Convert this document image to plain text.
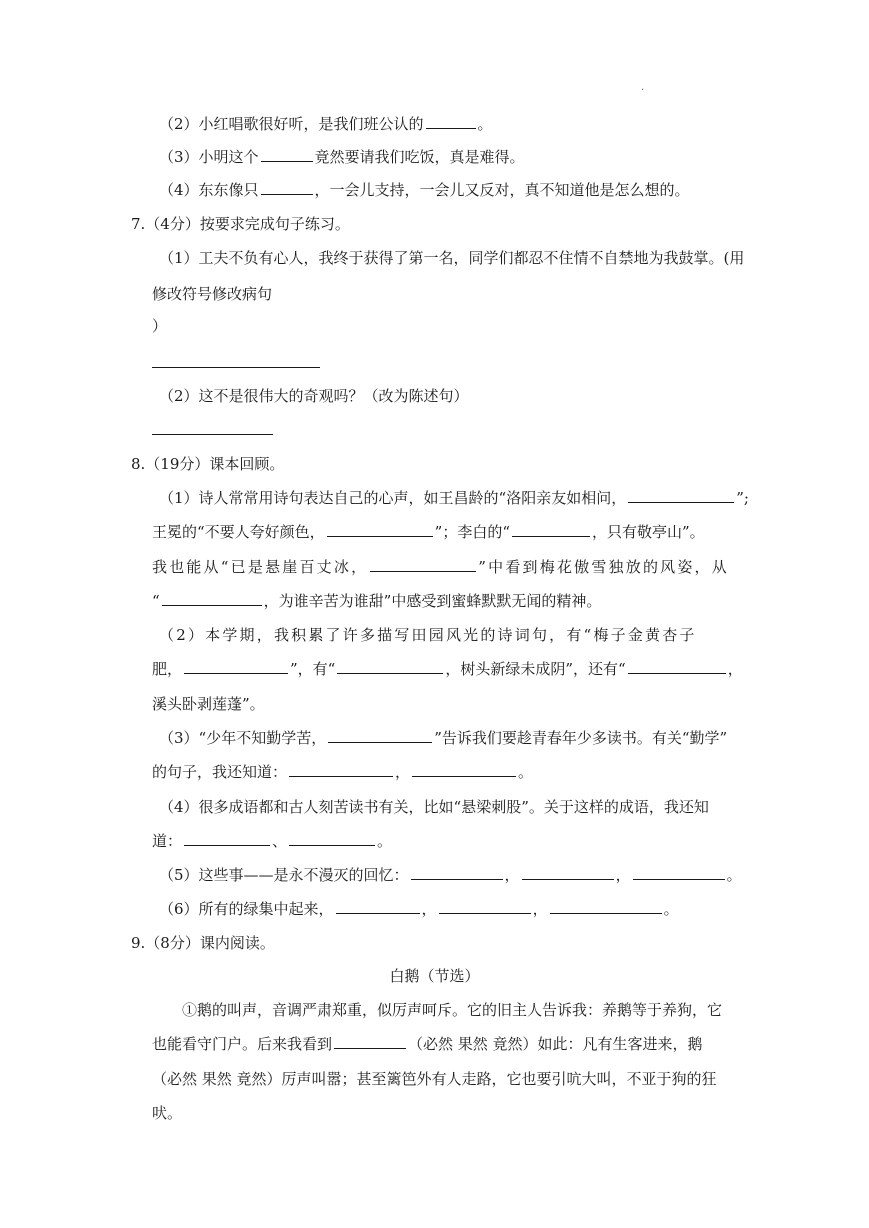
.
（2）小红唱歌很好听，是我们班公认的	。
（3）小明这个	竟然要请我们吃饭，真是难得。
（4）东东像只	，一会儿支持，一会儿又反对，真不知道他是怎么想的。
7.（4分）按要求完成句子练习。
（1）工夫不负有心人，我终于获得了第一名，同学们都忍不住情不自禁地为我鼓掌。(用
修改符号修改病句
）
（2）这不是很伟大的奇观吗？（改为陈述句）
8.（19分）课本回顾。
（1）诗人常常用诗句表达自己的心声，如王昌龄的“洛阳亲友如相问，	”;
王冕的“不要人夸好颜色，	”；李白的“	，只有敬亭山”。
我也能从“已是悬崖百丈冰，	”中看到梅花傲雪独放的风姿，从
“	，为谁辛苦为谁甜”中感受到蜜蜂默默无闻的精神。
（2）本学期，我积累了许多描写田园风光的诗词句，有“梅子金黄杏子
肥，	”，有“	，树头新绿未成阴”，还有“	，
溪头卧剥莲蓬”。
（3）“少年不知勤学苦，	”告诉我们要趁青春年少多读书。有关“勤学”
的句子，我还知道：	，	。
（4）很多成语都和古人刻苦读书有关，比如“悬梁刺股”。关于这样的成语，我还知
道：	、	。
（5）这些事——是永不漫灭的回忆：	，	，	。
（6）所有的绿集中起来，	，	，	。
9.（8分）课内阅读。
白鹅（节选）
①鹅的叫声，音调严肃郑重，似厉声呵斥。它的旧主人告诉我：养鹅等于养狗，它
也能看守门户。后来我看到	（必然 果然 竟然）如此：凡有生客进来，鹅
（必然 果然 竟然）厉声叫嚣；甚至篱笆外有人走路，它也要引吭大叫，不亚于狗的狂
吠。
